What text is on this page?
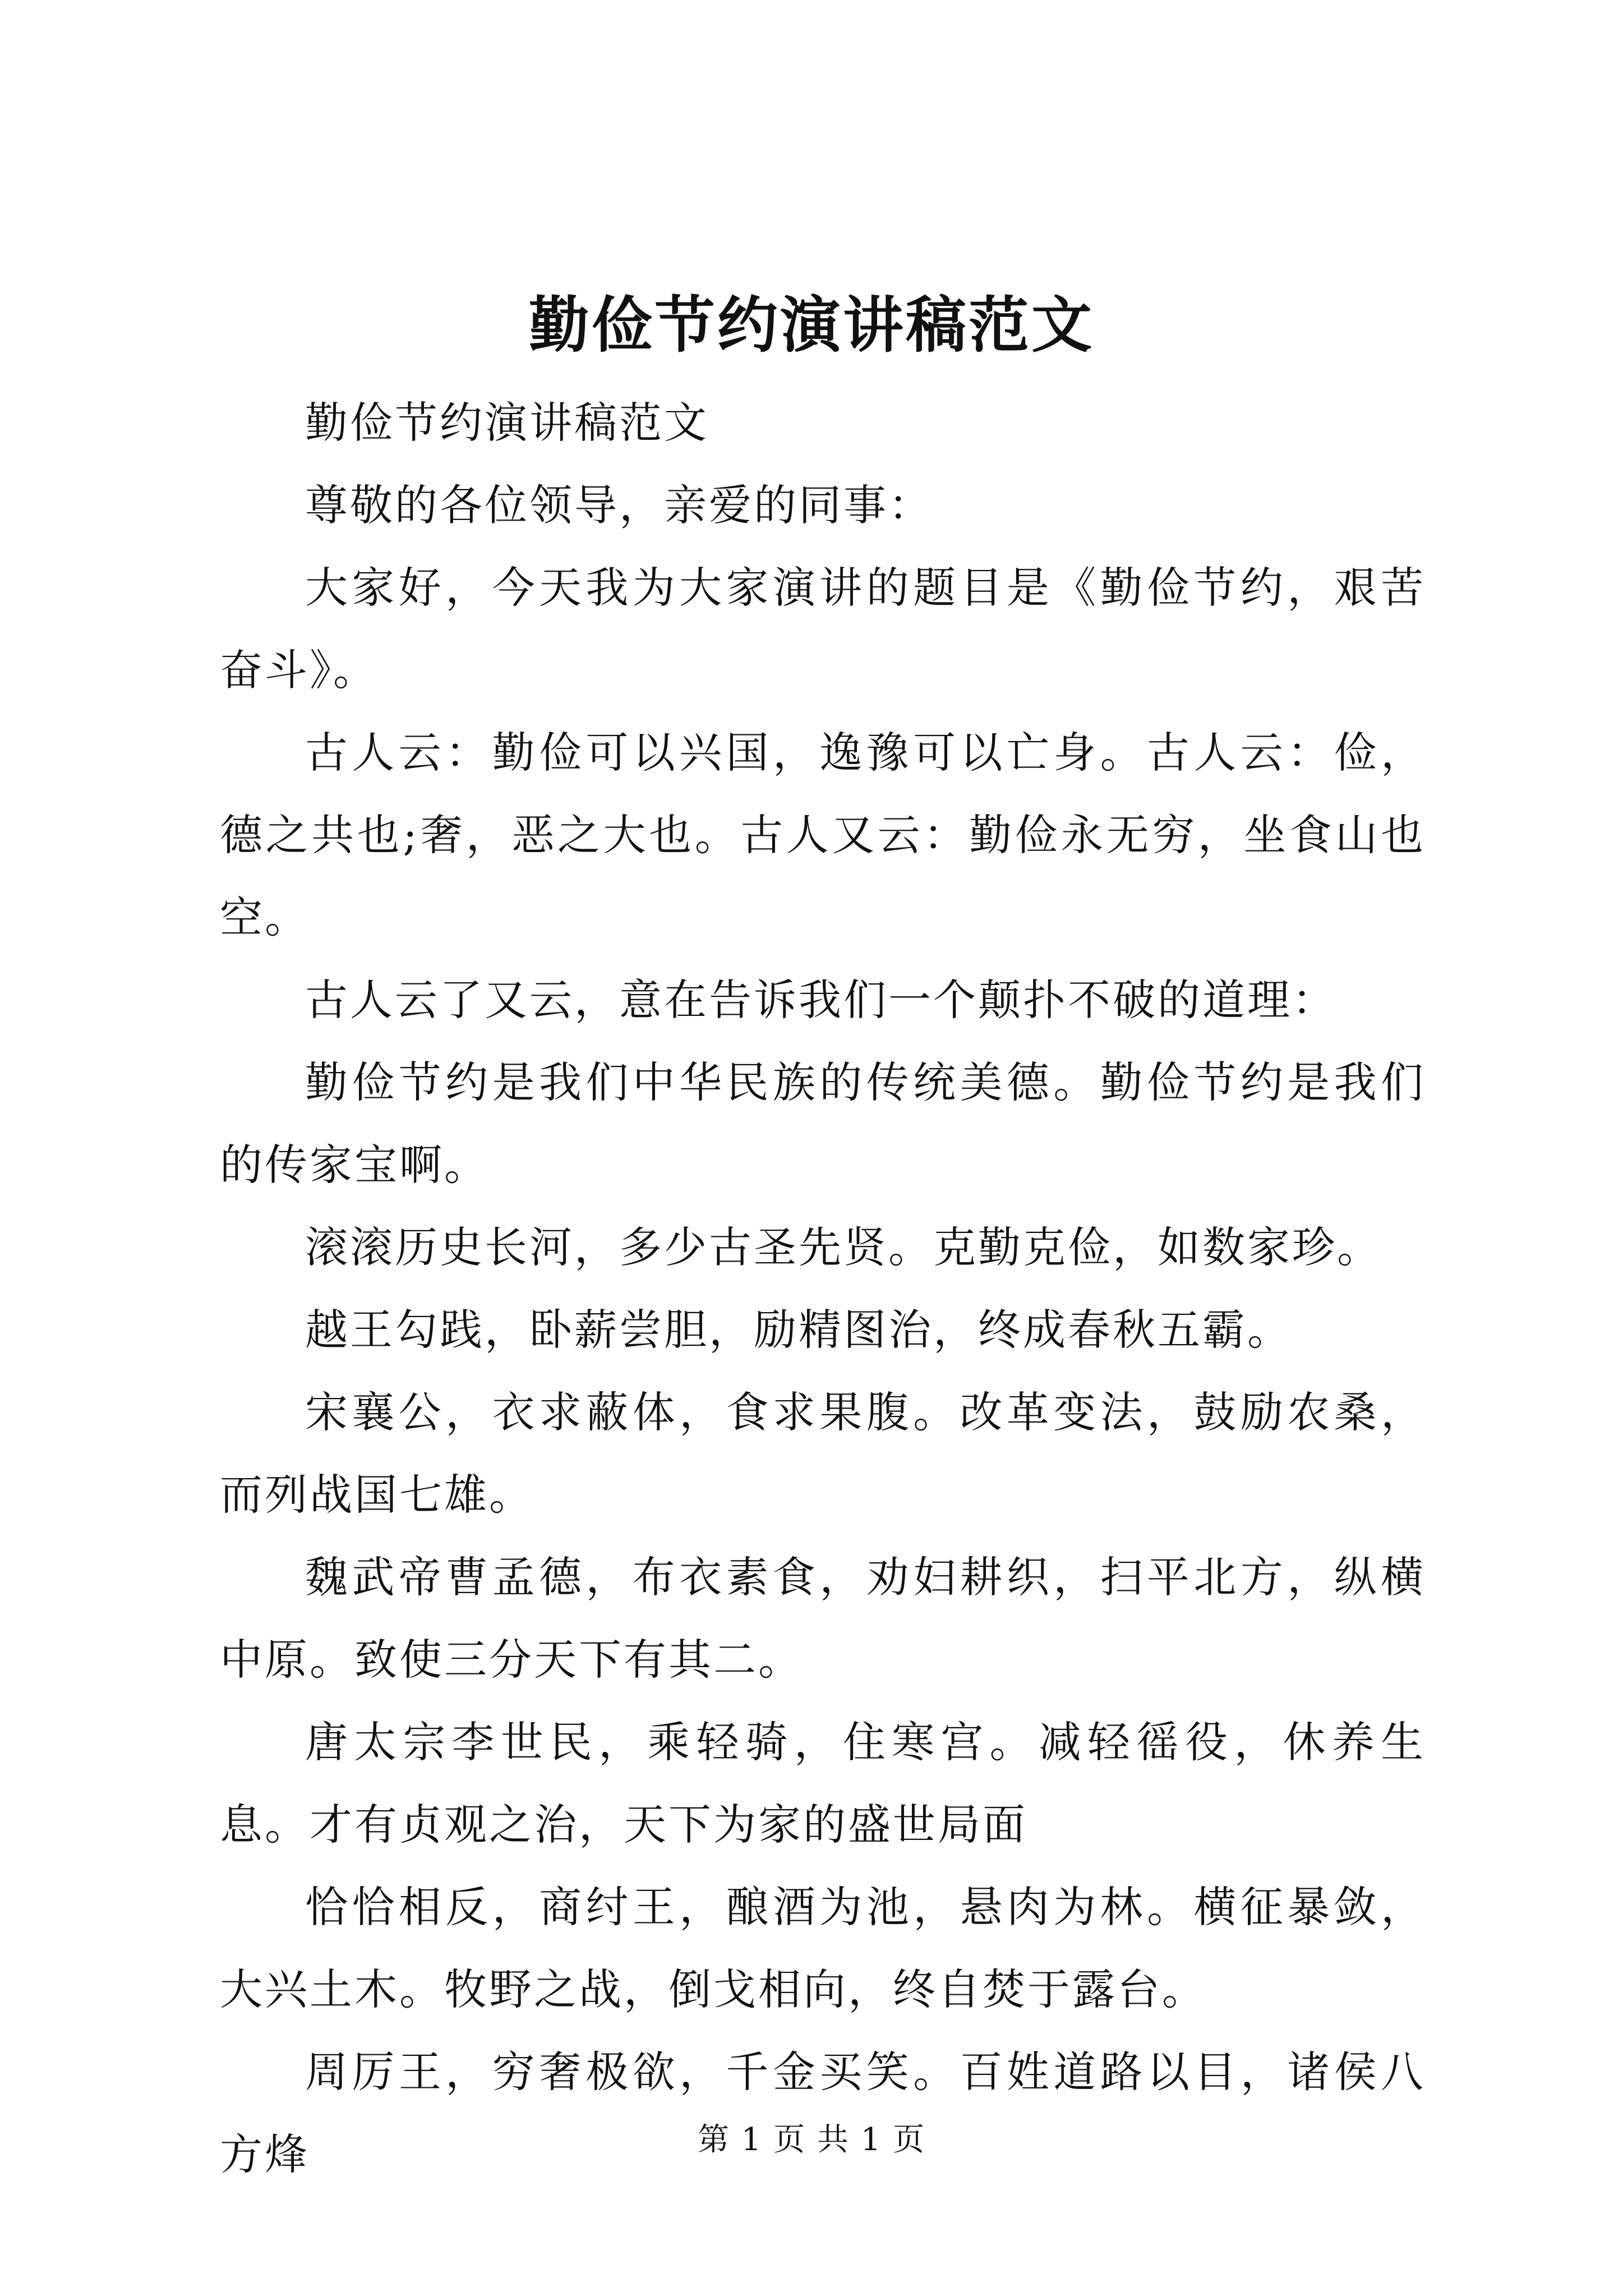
勤俭节约演讲稿范文

勤俭节约演讲稿范文

尊敬的各位领导，亲爱的同事：

大家好，今天我为大家演讲的题目是《勤俭节约，艰苦奋斗》。

古人云：勤俭可以兴国，逸豫可以亡身。古人云：俭，德之共也;奢，恶之大也。古人又云：勤俭永无穷，坐食山也空。

古人云了又云，意在告诉我们一个颠扑不破的道理：

勤俭节约是我们中华民族的传统美德。勤俭节约是我们的传家宝啊。

滚滚历史长河，多少古圣先贤。克勤克俭，如数家珍。

越王勾践，卧薪尝胆，励精图治，终成春秋五霸。

宋襄公，衣求蔽体，食求果腹。改革变法，鼓励农桑，而列战国七雄。

魏武帝曹孟德，布衣素食，劝妇耕织，扫平北方，纵横中原。致使三分天下有其二。

唐太宗李世民，乘轻骑，住寒宫。减轻徭役，休养生息。才有贞观之治，天下为家的盛世局面

恰恰相反，商纣王，酿酒为池，悬肉为林。横征暴敛，大兴土木。牧野之战，倒戈相向，终自焚于露台。

周厉王，穷奢极欲，千金买笑。百姓道路以目，诸侯八方烽	第 1 页 共 1 页
